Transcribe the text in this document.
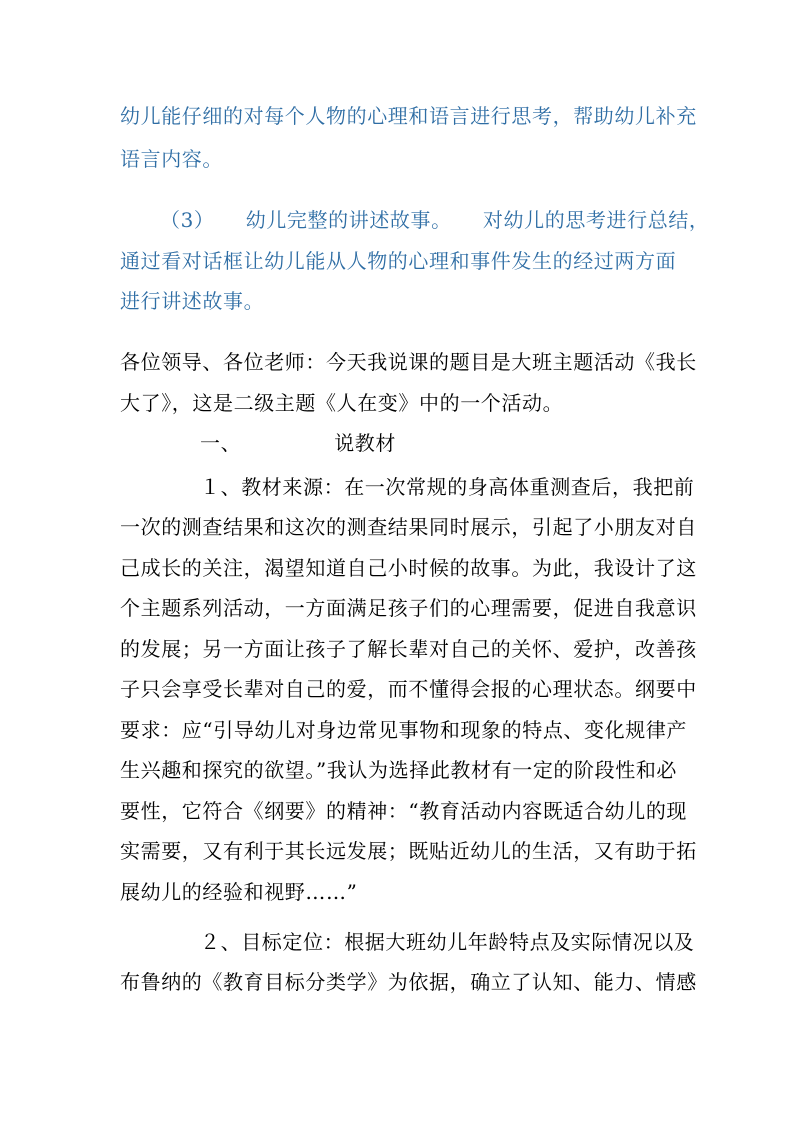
幼儿能仔细的对每个人物的心理和语言进行思考，帮助幼儿补充
语言内容。
（3）　　幼儿完整的讲述故事。　　对幼儿的思考进行总结，
通过看对话框让幼儿能从人物的心理和事件发生的经过两方面
进行讲述故事。
各位领导、各位老师：今天我说课的题目是大班主题活动《我长
大了》，这是二级主题《人在变》中的一个活动。
一、　　　　　说教材
１、教材来源：在一次常规的身高体重测查后，我把前
一次的测查结果和这次的测查结果同时展示，引起了小朋友对自
己成长的关注，渴望知道自己小时候的故事。为此，我设计了这
个主题系列活动，一方面满足孩子们的心理需要，促进自我意识
的发展；另一方面让孩子了解长辈对自己的关怀、爱护，改善孩
子只会享受长辈对自己的爱，而不懂得会报的心理状态。纲要中
要求：应“引导幼儿对身边常见事物和现象的特点、变化规律产
生兴趣和探究的欲望。”我认为选择此教材有一定的阶段性和必
要性，它符合《纲要》的精神：“教育活动内容既适合幼儿的现
实需要，又有利于其长远发展；既贴近幼儿的生活，又有助于拓
展幼儿的经验和视野……”
２、目标定位：根据大班幼儿年龄特点及实际情况以及
布鲁纳的《教育目标分类学》为依据，确立了认知、能力、情感
